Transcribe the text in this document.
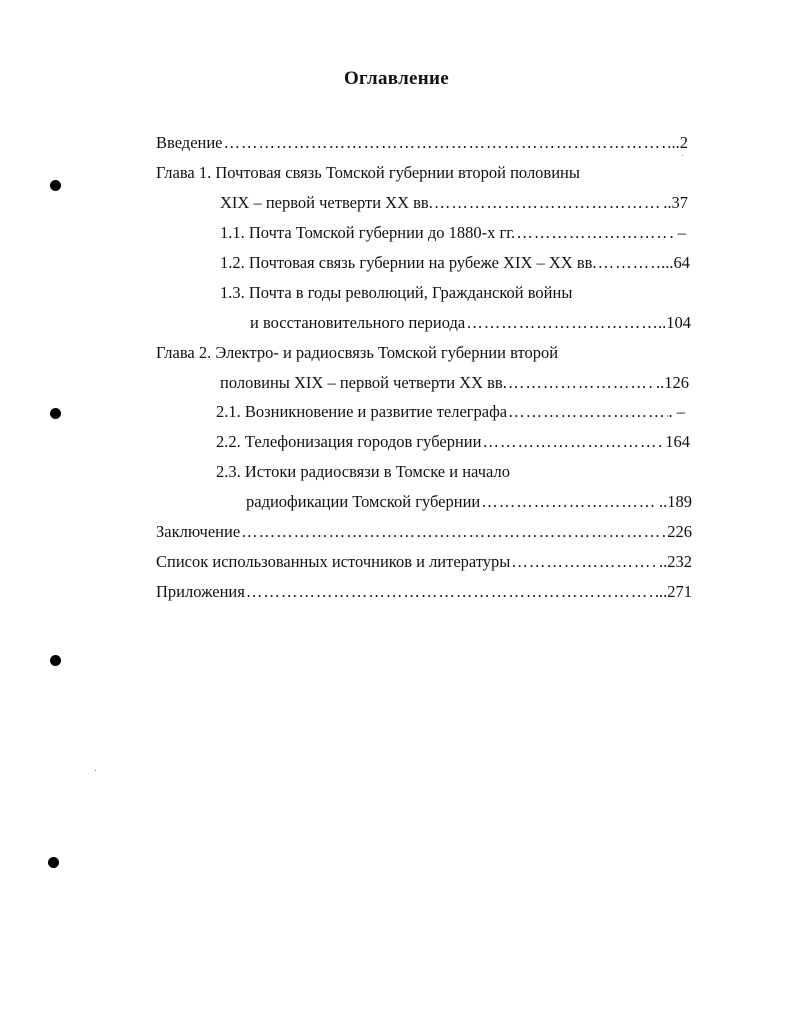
Оглавление
Введение ……………………………………………………………………………………………………………………………………………………	..2
Глава 1. Почтовая связь Томской губернии второй половины
XIX – первой четверти XX вв. ……………………………………………………………………………………………………………………………………………………	..37
1.1. Почта Томской губернии до 1880-х гг. ……………………………………………………………………………………………………………………………………………………	. –
1.2. Почтовая связь губернии на рубеже XIX – XX вв. ……………………………………………………………………………………………………………………………………………………	...64
1.3. Почта в годы революций, Гражданской войны
и восстановительного периода ……………………………………………………………………………………………………………………………………………………	..104
Глава 2. Электро- и радиосвязь Томской губернии второй
половины XIX – первой четверти XX вв. ……………………………………………………………………………………………………………………………………………………	..126
2.1. Возникновение и развитие телеграфа ……………………………………………………………………………………………………………………………………………………	. –
2.2. Телефонизация городов губернии ……………………………………………………………………………………………………………………………………………………	164
2.3. Истоки радиосвязи в Томске и начало
радиофикации Томской губернии ……………………………………………………………………………………………………………………………………………………	..189
Заключение ……………………………………………………………………………………………………………………………………………………	226
Список использованных источников и литературы ……………………………………………………………………………………………………………………………………………………	..232
Приложения ……………………………………………………………………………………………………………………………………………………	...271
